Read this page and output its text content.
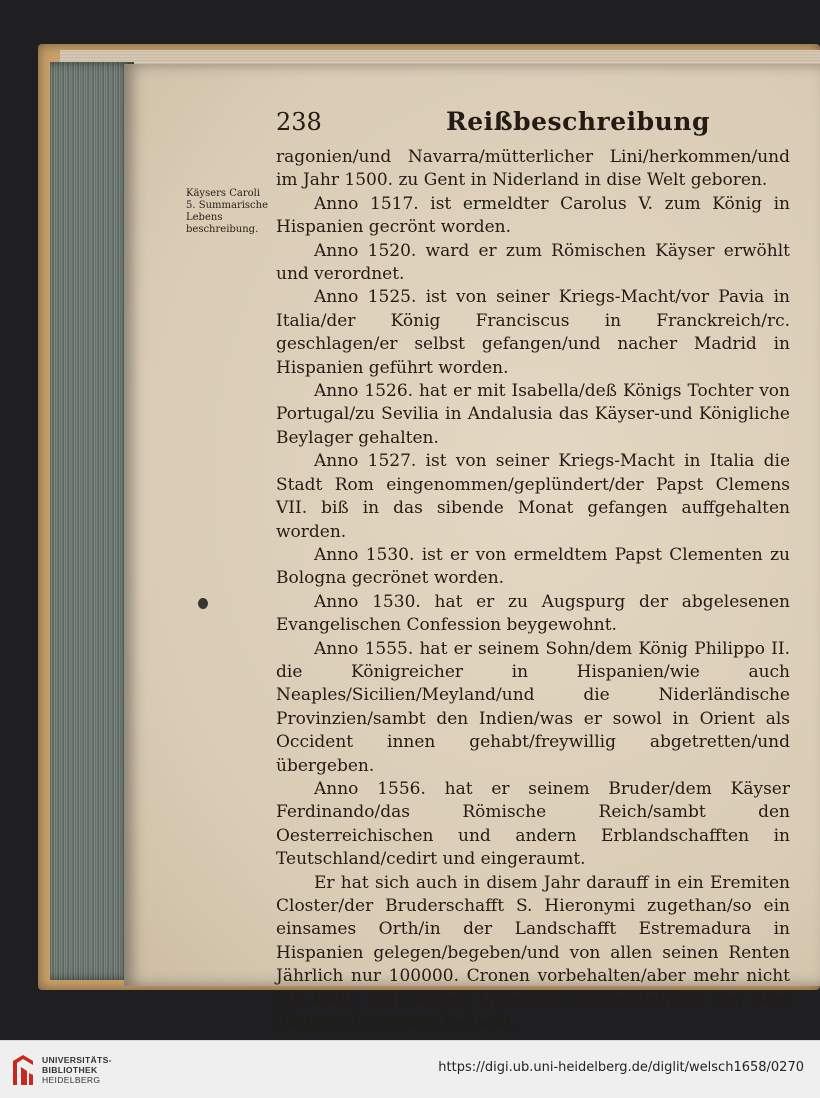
Käysers Caroli 5. Summarische Lebens beschreibung.
238	Reißbeschreibung

ragonien/und Navarra/mütterlicher Lini/herkommen/und im Jahr 1500. zu Gent in Niderland in dise Welt geboren.

Anno 1517. ist ermeldter Carolus V. zum König in Hispanien gecrönt worden.

Anno 1520. ward er zum Römischen Käyser erwöhlt und verordnet.

Anno 1525. ist von seiner Kriegs-Macht/vor Pavia in Italia/der König Franciscus in Franckreich/rc. geschlagen/er selbst gefangen/und nacher Madrid in Hispanien geführt worden.

Anno 1526. hat er mit Isabella/deß Königs Tochter von Portugal/zu Sevilia in Andalusia das Käyser-und Königliche Beylager gehalten.

Anno 1527. ist von seiner Kriegs-Macht in Italia die Stadt Rom eingenommen/geplündert/der Papst Clemens VII. biß in das sibende Monat gefangen auffgehalten worden.

Anno 1530. ist er von ermeldtem Papst Clementen zu Bologna gecrönet worden.

Anno 1530. hat er zu Augspurg der abgelesenen Evangelischen Confession beygewohnt.

Anno 1555. hat er seinem Sohn/dem König Philippo II. die Königreicher in Hispanien/wie auch Neaples/Sicilien/Meyland/und die Niderländische Provinzien/sambt den Indien/was er sowol in Orient als Occident innen gehabt/freywillig abgetretten/und übergeben.

Anno 1556. hat er seinem Bruder/dem Käyser Ferdinando/das Römische Reich/sambt den Oesterreichischen und andern Erblandschafften in Teutschland/cedirt und eingeraumt.

Er hat sich auch in disem Jahr darauff in ein Eremiten Closter/der Bruderschafft S. Hieronymi zugethan/so ein einsames Orth/in der Landschafft Estremadura in Hispanien gelegen/begeben/und von allen seinen Renten Jährlich nur 100000. Cronen vorbehalten/aber mehr nicht als 4000. auff seinen Unterhalt verwendet/und von dem übrigen die Armen bedacht.

UNIVERSITÄTS-
BIBLIOTHEK
HEIDELBERG
https://digi.ub.uni-heidelberg.de/diglit/welsch1658/0270
